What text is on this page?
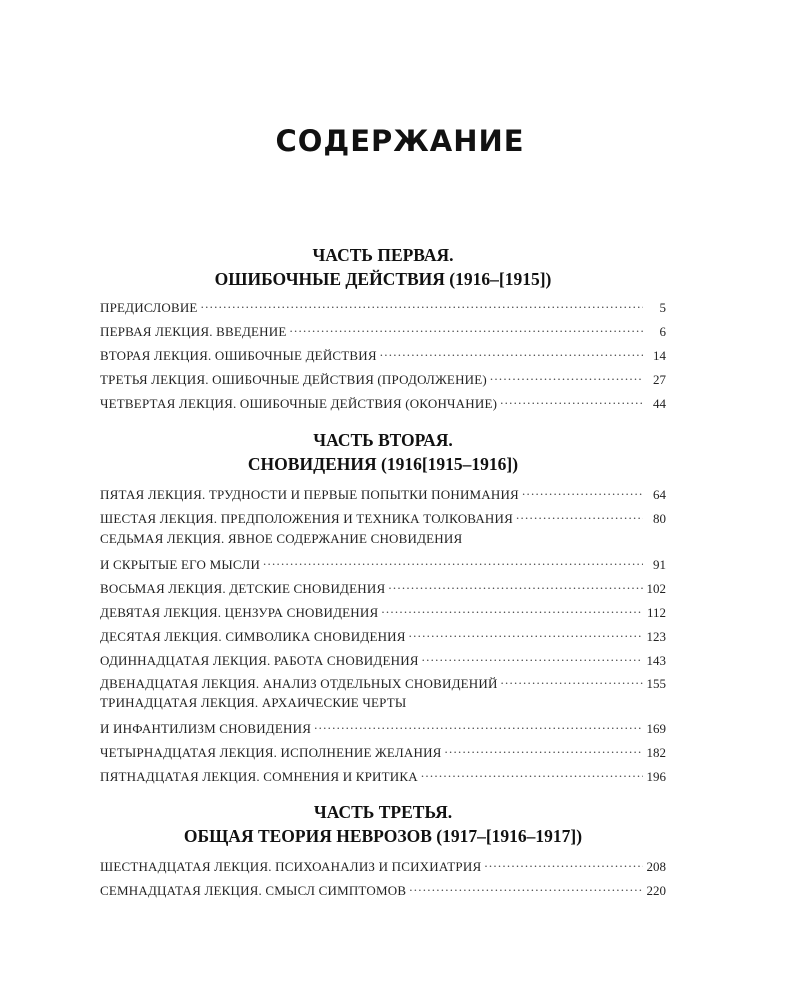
СОДЕРЖАНИЕ
ЧАСТЬ ПЕРВАЯ.
ОШИБОЧНЫЕ ДЕЙСТВИЯ (1916–[1915])
ПРЕДИСЛОВИЕ . . .	5
ПЕРВАЯ ЛЕКЦИЯ. ВВЕДЕНИЕ . . .	6
ВТОРАЯ ЛЕКЦИЯ. ОШИБОЧНЫЕ ДЕЙСТВИЯ . . .	14
ТРЕТЬЯ ЛЕКЦИЯ. ОШИБОЧНЫЕ ДЕЙСТВИЯ (ПРОДОЛЖЕНИЕ) . . .	27
ЧЕТВЕРТАЯ ЛЕКЦИЯ. ОШИБОЧНЫЕ ДЕЙСТВИЯ (ОКОНЧАНИЕ) . . .	44
ЧАСТЬ ВТОРАЯ.
СНОВИДЕНИЯ (1916[1915–1916])
ПЯТАЯ ЛЕКЦИЯ. ТРУДНОСТИ И ПЕРВЫЕ ПОПЫТКИ ПОНИМАНИЯ . . .	64
ШЕСТАЯ ЛЕКЦИЯ. ПРЕДПОЛОЖЕНИЯ И ТЕХНИКА ТОЛКОВАНИЯ . . .	80
СЕДЬМАЯ ЛЕКЦИЯ. ЯВНОЕ СОДЕРЖАНИЕ СНОВИДЕНИЯ
И СКРЫТЫЕ ЕГО МЫСЛИ . . .	91
ВОСЬМАЯ ЛЕКЦИЯ. ДЕТСКИЕ СНОВИДЕНИЯ . . .	102
ДЕВЯТАЯ ЛЕКЦИЯ. ЦЕНЗУРА СНОВИДЕНИЯ . . .	112
ДЕСЯТАЯ ЛЕКЦИЯ. СИМВОЛИКА СНОВИДЕНИЯ . . .	123
ОДИННАДЦАТАЯ ЛЕКЦИЯ. РАБОТА СНОВИДЕНИЯ . . .	143
ДВЕНАДЦАТАЯ ЛЕКЦИЯ. АНАЛИЗ ОТДЕЛЬНЫХ СНОВИДЕНИЙ . . .	155
ТРИНАДЦАТАЯ ЛЕКЦИЯ. АРХАИЧЕСКИЕ ЧЕРТЫ
И ИНФАНТИЛИЗМ СНОВИДЕНИЯ . . .	169
ЧЕТЫРНАДЦАТАЯ ЛЕКЦИЯ. ИСПОЛНЕНИЕ ЖЕЛАНИЯ . . .	182
ПЯТНАДЦАТАЯ ЛЕКЦИЯ. СОМНЕНИЯ И КРИТИКА . . .	196
ЧАСТЬ ТРЕТЬЯ.
ОБЩАЯ ТЕОРИЯ НЕВРОЗОВ (1917–[1916–1917])
ШЕСТНАДЦАТАЯ ЛЕКЦИЯ. ПСИХОАНАЛИЗ И ПСИХИАТРИЯ . . .	208
СЕМНАДЦАТАЯ ЛЕКЦИЯ. СМЫСЛ СИМПТОМОВ . . .	220
